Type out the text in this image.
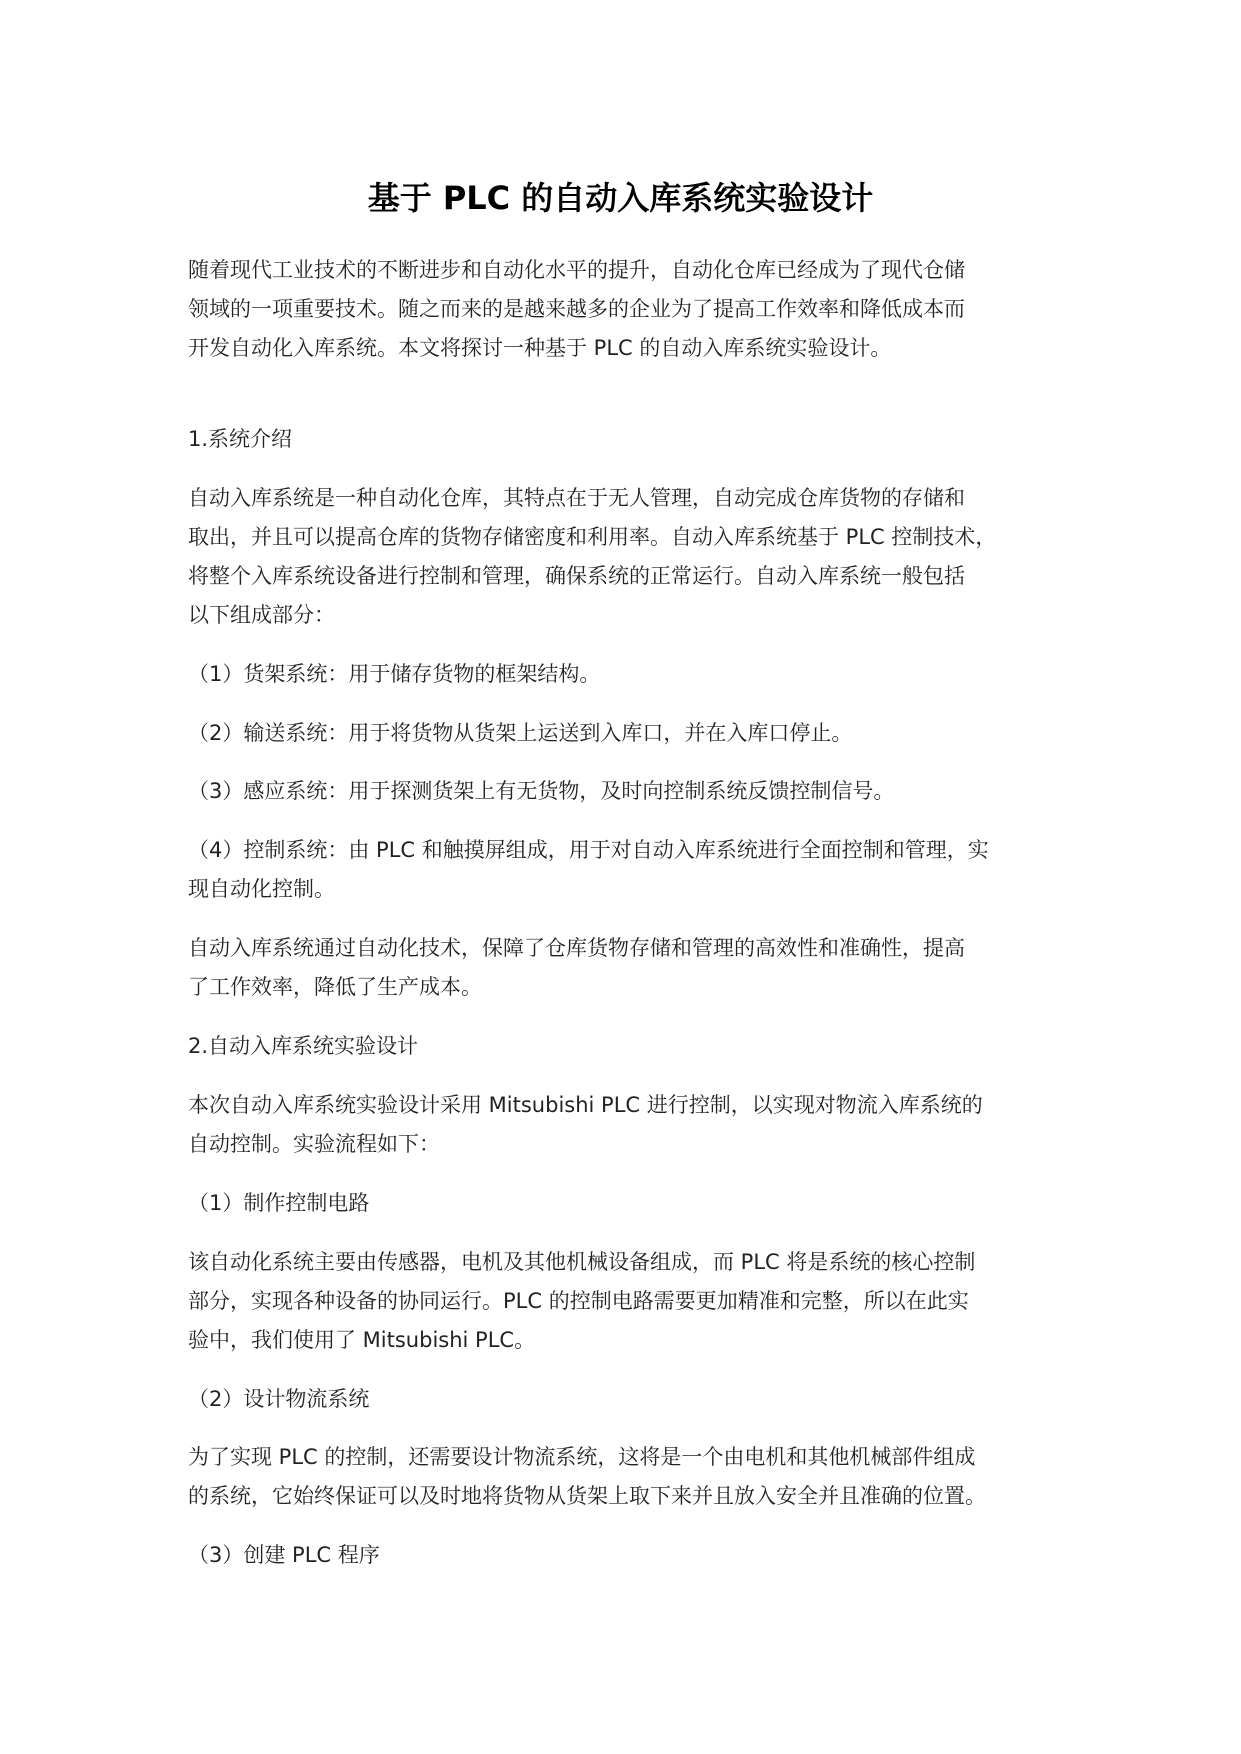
基于 PLC 的自动入库系统实验设计
随着现代工业技术的不断进步和自动化水平的提升，自动化仓库已经成为了现代仓储
领域的一项重要技术。随之而来的是越来越多的企业为了提高工作效率和降低成本而
开发自动化入库系统。本文将探讨一种基于 PLC 的自动入库系统实验设计。
1.系统介绍
自动入库系统是一种自动化仓库，其特点在于无人管理，自动完成仓库货物的存储和
取出，并且可以提高仓库的货物存储密度和利用率。自动入库系统基于 PLC 控制技术，
将整个入库系统设备进行控制和管理，确保系统的正常运行。自动入库系统一般包括
以下组成部分：
（1）货架系统：用于储存货物的框架结构。
（2）输送系统：用于将货物从货架上运送到入库口，并在入库口停止。
（3）感应系统：用于探测货架上有无货物，及时向控制系统反馈控制信号。
（4）控制系统：由 PLC 和触摸屏组成，用于对自动入库系统进行全面控制和管理，实
现自动化控制。
自动入库系统通过自动化技术，保障了仓库货物存储和管理的高效性和准确性，提高
了工作效率，降低了生产成本。
2.自动入库系统实验设计
本次自动入库系统实验设计采用 Mitsubishi PLC 进行控制，以实现对物流入库系统的
自动控制。实验流程如下：
（1）制作控制电路
该自动化系统主要由传感器，电机及其他机械设备组成，而 PLC 将是系统的核心控制
部分，实现各种设备的协同运行。PLC 的控制电路需要更加精准和完整，所以在此实
验中，我们使用了 Mitsubishi PLC。
（2）设计物流系统
为了实现 PLC 的控制，还需要设计物流系统，这将是一个由电机和其他机械部件组成
的系统，它始终保证可以及时地将货物从货架上取下来并且放入安全并且准确的位置。
（3）创建 PLC 程序
